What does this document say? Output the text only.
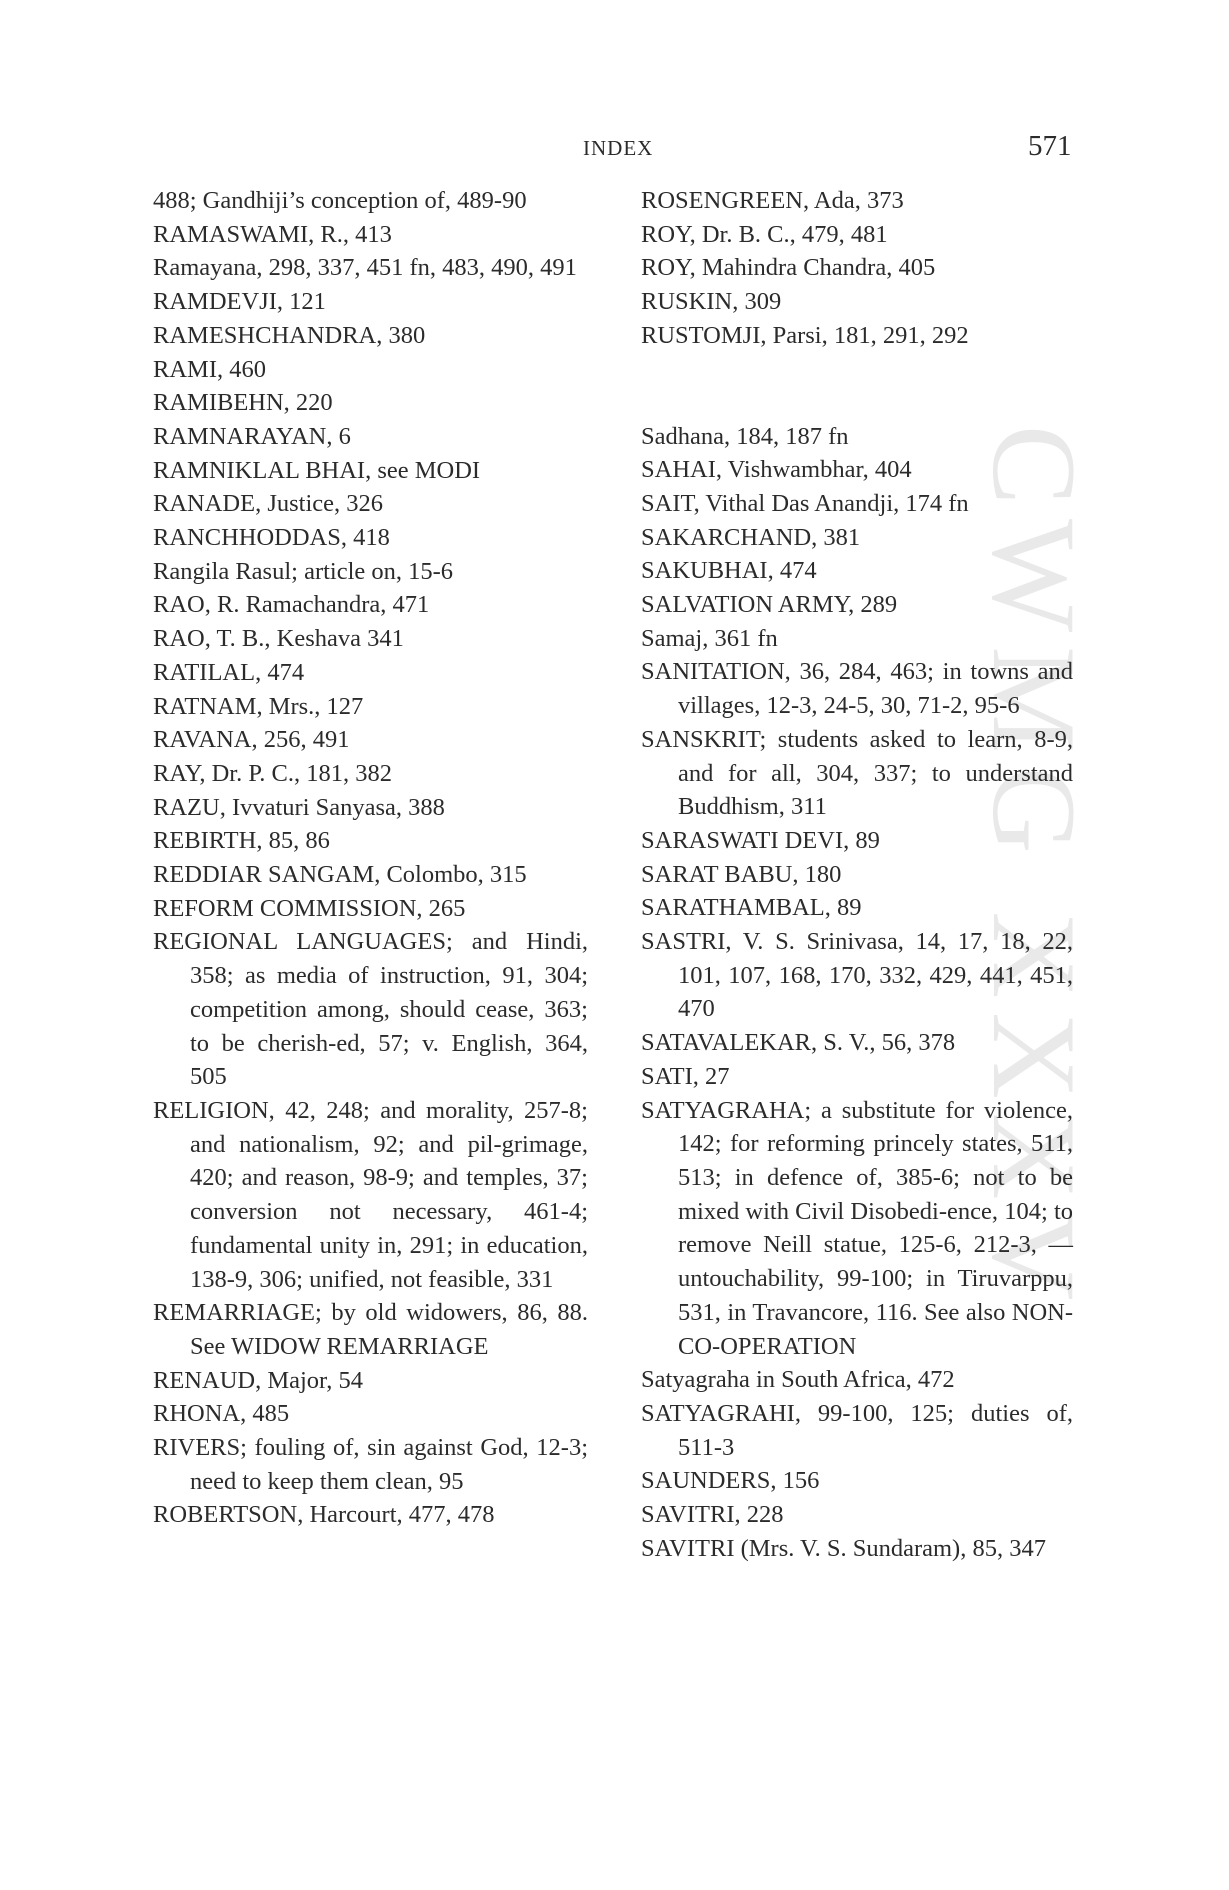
INDEX	571
CWMG XXXV
488; Gandhiji’s conception of, 489-90
RAMASWAMI, R., 413
Ramayana, 298, 337, 451 fn, 483, 490, 491
RAMDEVJI, 121
RAMESHCHANDRA, 380
RAMI, 460
RAMIBEHN, 220
RAMNARAYAN, 6
RAMNIKLAL BHAI, see MODI
RANADE, Justice, 326
RANCHHODDAS, 418
Rangila Rasul; article on, 15-6
RAO, R. Ramachandra, 471
RAO, T. B., Keshava 341
RATILAL, 474
RATNAM, Mrs., 127
RAVANA, 256, 491
RAY, Dr. P. C., 181, 382
RAZU, Ivvaturi Sanyasa, 388
REBIRTH, 85, 86
REDDIAR SANGAM, Colombo, 315
REFORM COMMISSION, 265
REGIONAL LANGUAGES; and Hindi, 358; as media of instruction, 91, 304; competition among, should cease, 363; to be cherish-ed, 57; v. English, 364, 505
RELIGION, 42, 248; and morality, 257-8; and nationalism, 92; and pil-grimage, 420; and reason, 98-9; and temples, 37; conversion not necessary, 461-4; fundamental unity in, 291; in education, 138-9, 306; unified, not feasible, 331
REMARRIAGE; by old widowers, 86, 88. See WIDOW REMARRIAGE
RENAUD, Major, 54
RHONA, 485
RIVERS; fouling of, sin against God, 12-3; need to keep them clean, 95
ROBERTSON, Harcourt, 477, 478
ROSENGREEN, Ada, 373
ROY, Dr. B. C., 479, 481
ROY, Mahindra Chandra, 405
RUSKIN, 309
RUSTOMJI, Parsi, 181, 291, 292
Sadhana, 184, 187 fn
SAHAI, Vishwambhar, 404
SAIT, Vithal Das Anandji, 174 fn
SAKARCHAND, 381
SAKUBHAI, 474
SALVATION ARMY, 289
Samaj, 361 fn
SANITATION, 36, 284, 463; in towns and villages, 12-3, 24-5, 30, 71-2, 95-6
SANSKRIT; students asked to learn, 8-9, and for all, 304, 337; to understand Buddhism, 311
SARASWATI DEVI, 89
SARAT BABU, 180
SARATHAMBAL, 89
SASTRI, V. S. Srinivasa, 14, 17, 18, 22, 101, 107, 168, 170, 332, 429, 441, 451, 470
SATAVALEKAR, S. V., 56, 378
SATI, 27
SATYAGRAHA; a substitute for violence, 142; for reforming princely states, 511, 513; in defence of, 385-6; not to be mixed with Civil Disobedi-ence, 104; to remove Neill statue, 125-6, 212-3, —untouchability, 99-100; in Tiruvarppu, 531, in Travancore, 116. See also NON-CO-OPERATION
Satyagraha in South Africa, 472
SATYAGRAHI, 99-100, 125; duties of, 511-3
SAUNDERS, 156
SAVITRI, 228
SAVITRI (Mrs. V. S. Sundaram), 85, 347
